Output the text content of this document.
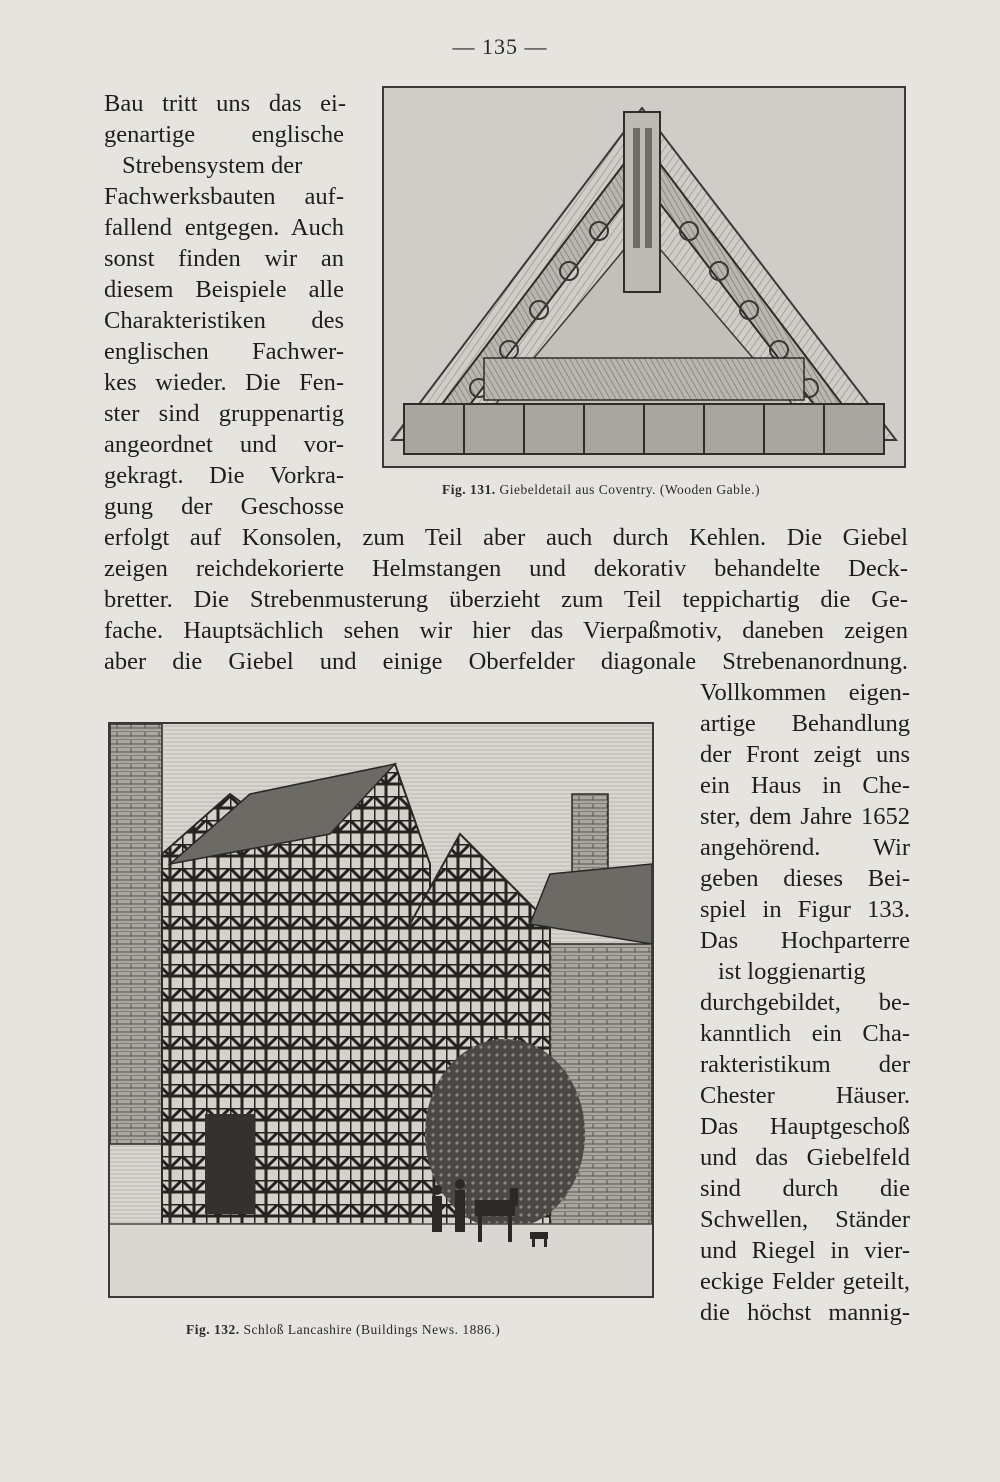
— 135 —
Bau tritt uns das ei-
genartige englische
Strebensystem der
Fachwerksbauten auf-
fallend entgegen. Auch
sonst finden wir an
diesem Beispiele alle
Charakteristiken des
englischen Fachwer-
kes wieder. Die Fen-
ster sind gruppenartig
angeordnet und vor-
gekragt. Die Vorkra-
gung der Geschosse
Fig. 131. Giebeldetail aus Coventry. (Wooden Gable.)
erfolgt auf Konsolen, zum Teil aber auch durch Kehlen. Die Giebel
zeigen reichdekorierte Helmstangen und dekorativ behandelte Deck-
bretter. Die Strebenmusterung überzieht zum Teil teppichartig die Ge-
fache. Hauptsächlich sehen wir hier das Vierpaßmotiv, daneben zeigen
aber die Giebel und einige Oberfelder diagonale Strebenanordnung.
Fig. 132. Schloß Lancashire (Buildings News. 1886.)
Vollkommen eigen-
artige Behandlung
der Front zeigt uns
ein Haus in Che-
ster, dem Jahre 1652
angehörend. Wir
geben dieses Bei-
spiel in Figur 133.
Das Hochparterre
ist loggienartig
durchgebildet, be-
kanntlich ein Cha-
rakteristikum der
Chester Häuser.
Das Hauptgeschoß
und das Giebelfeld
sind durch die
Schwellen, Ständer
und Riegel in vier-
eckige Felder geteilt,
die höchst mannig-
